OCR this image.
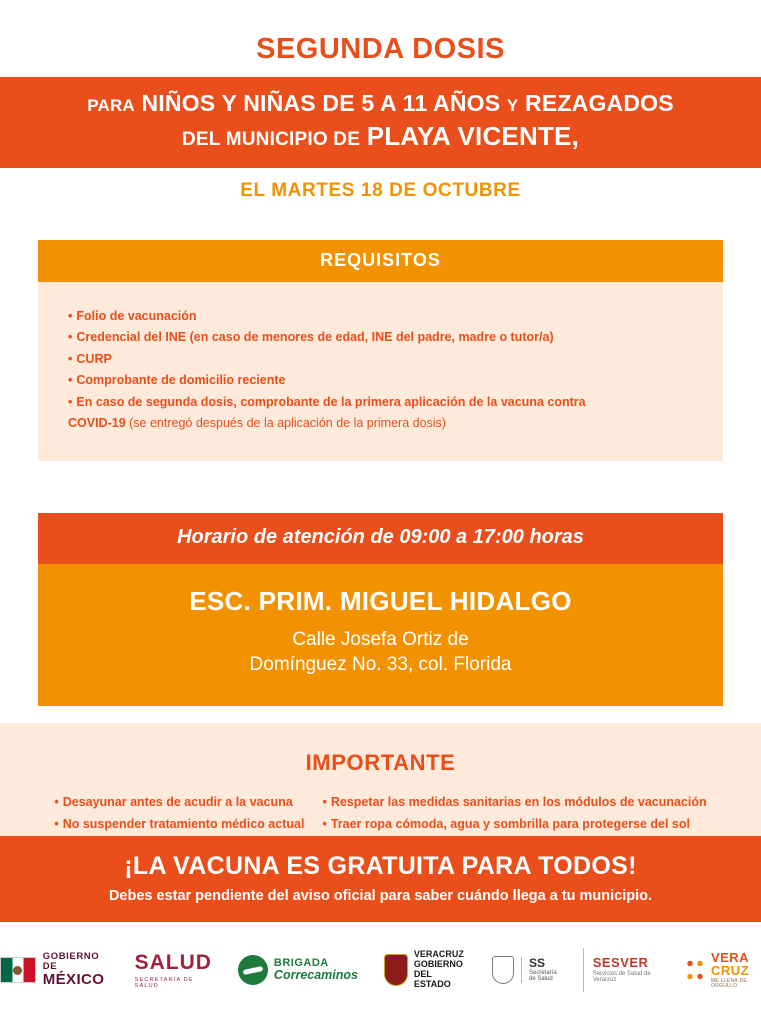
SEGUNDA DOSIS
PARA NIÑOS Y NIÑAS DE 5 A 11 AÑOS Y REZAGADOS
DEL MUNICIPIO DE PLAYA VICENTE,
EL MARTES 18 DE OCTUBRE
REQUISITOS
• Folio de vacunación
• Credencial del INE (en caso de menores de edad, INE del padre, madre o tutor/a)
• CURP
• Comprobante de domicilio reciente
• En caso de segunda dosis, comprobante de la primera aplicación de la vacuna contra
COVID-19 (se entregó después de la aplicación de la primera dosis)
Horario de atención de 09:00 a 17:00 horas
ESC. PRIM. MIGUEL HIDALGO
Calle Josefa Ortiz de
Domínguez No. 33, col. Florida
IMPORTANTE
• Desayunar antes de acudir a la vacuna
• No suspender tratamiento médico actual
• Respetar las medidas sanitarias en los módulos de vacunación
• Traer ropa cómoda, agua y sombrilla para protegerse del sol
¡LA VACUNA ES GRATUITA PARA TODOS!
Debes estar pendiente del aviso oficial para saber cuándo llega a tu municipio.
GOBIERNO DE
MÉXICO
SALUD
SECRETARÍA DE SALUD
BRIGADA
Correcaminos
VERACRUZ
GOBIERNO
DEL ESTADO
SS
Secretaría
de Salud
SESVER
Servicios de Salud de Veracruz
VERA
CRUZ
ME LLENA DE ORGULLO
